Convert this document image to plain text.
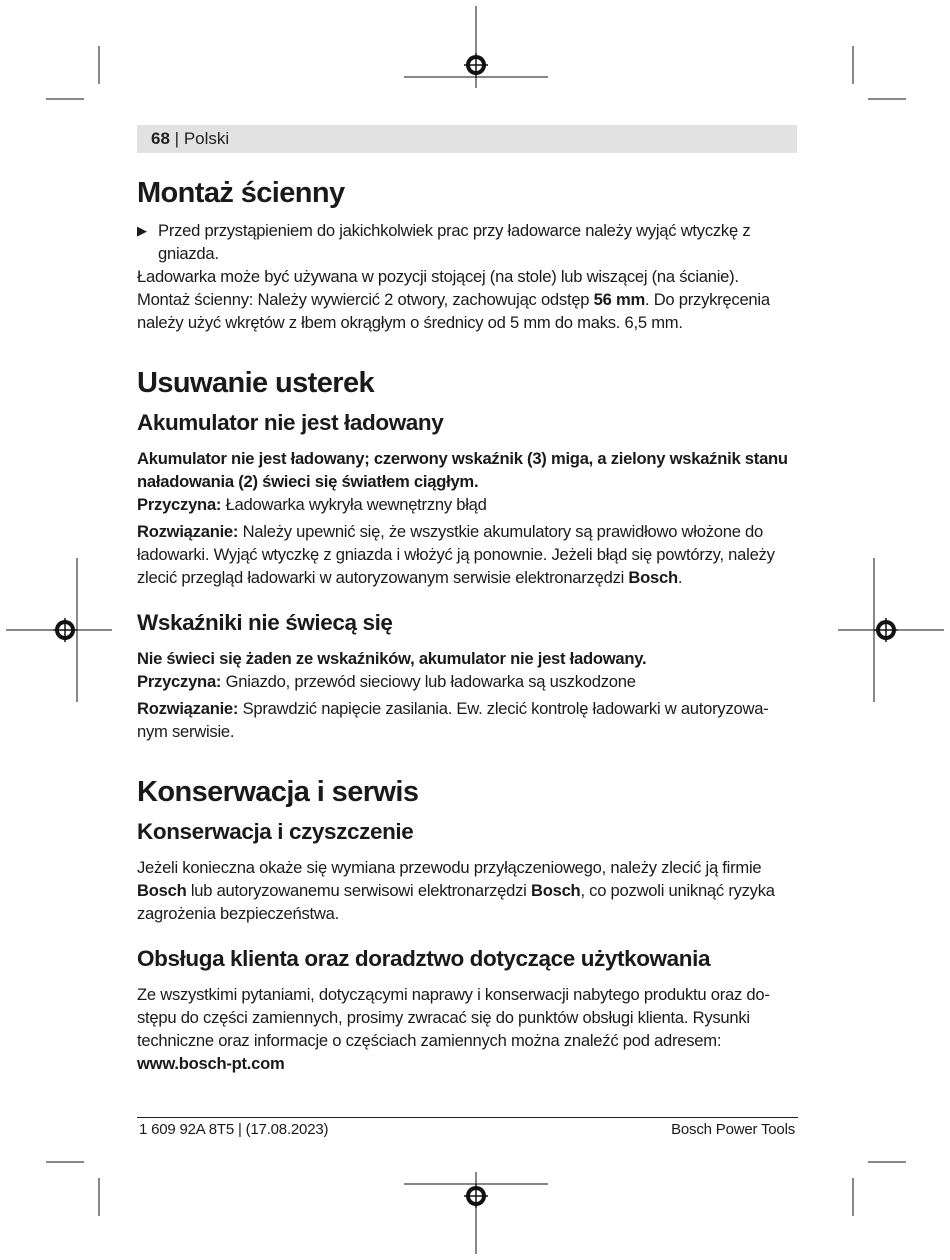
68 | Polski
Montaż ścienny
▶ Przed przystąpieniem do jakichkolwiek prac przy ładowarce należy wyjąć wtyczkę z gniazda.

Ładowarka może być używana w pozycji stojącej (na stole) lub wiszącej (na ścianie).

Montaż ścienny: Należy wywiercić 2 otwory, zachowując odstęp 56 mm. Do przykręcenia należy użyć wkrętów z łbem okrągłym o średnicy od 5 mm do maks. 6,5 mm.

Usuwanie usterek
Akumulator nie jest ładowany

Akumulator nie jest ładowany; czerwony wskaźnik (3) miga, a zielony wskaźnik stanu naładowania (2) świeci się światłem ciągłym.

Przyczyna: Ładowarka wykryła wewnętrzny błąd

Rozwiązanie: Należy upewnić się, że wszystkie akumulatory są prawidłowo włożone do ładowarki. Wyjąć wtyczkę z gniazda i włożyć ją ponownie. Jeżeli błąd się powtórzy, należy zlecić przegląd ładowarki w autoryzowanym serwisie elektronarzędzi Bosch.

Wskaźniki nie świecą się

Nie świeci się żaden ze wskaźników, akumulator nie jest ładowany.

Przyczyna: Gniazdo, przewód sieciowy lub ładowarka są uszkodzone

Rozwiązanie: Sprawdzić napięcie zasilania. Ew. zlecić kontrolę ładowarki w autoryzowa-nym serwisie.

Konserwacja i serwis
Konserwacja i czyszczenie

Jeżeli konieczna okaże się wymiana przewodu przyłączeniowego, należy zlecić ją firmie Bosch lub autoryzowanemu serwisowi elektronarzędzi Bosch, co pozwoli uniknąć ryzyka zagrożenia bezpieczeństwa.

Obsługa klienta oraz doradztwo dotyczące użytkowania

Ze wszystkimi pytaniami, dotyczącymi naprawy i konserwacji nabytego produktu oraz do-stępu do części zamiennych, prosimy zwracać się do punktów obsługi klienta. Rysunki techniczne oraz informacje o częściach zamiennych można znaleźć pod adresem:

www.bosch-pt.com

1 609 92A 8T5 | (17.08.2023)	Bosch Power Tools
